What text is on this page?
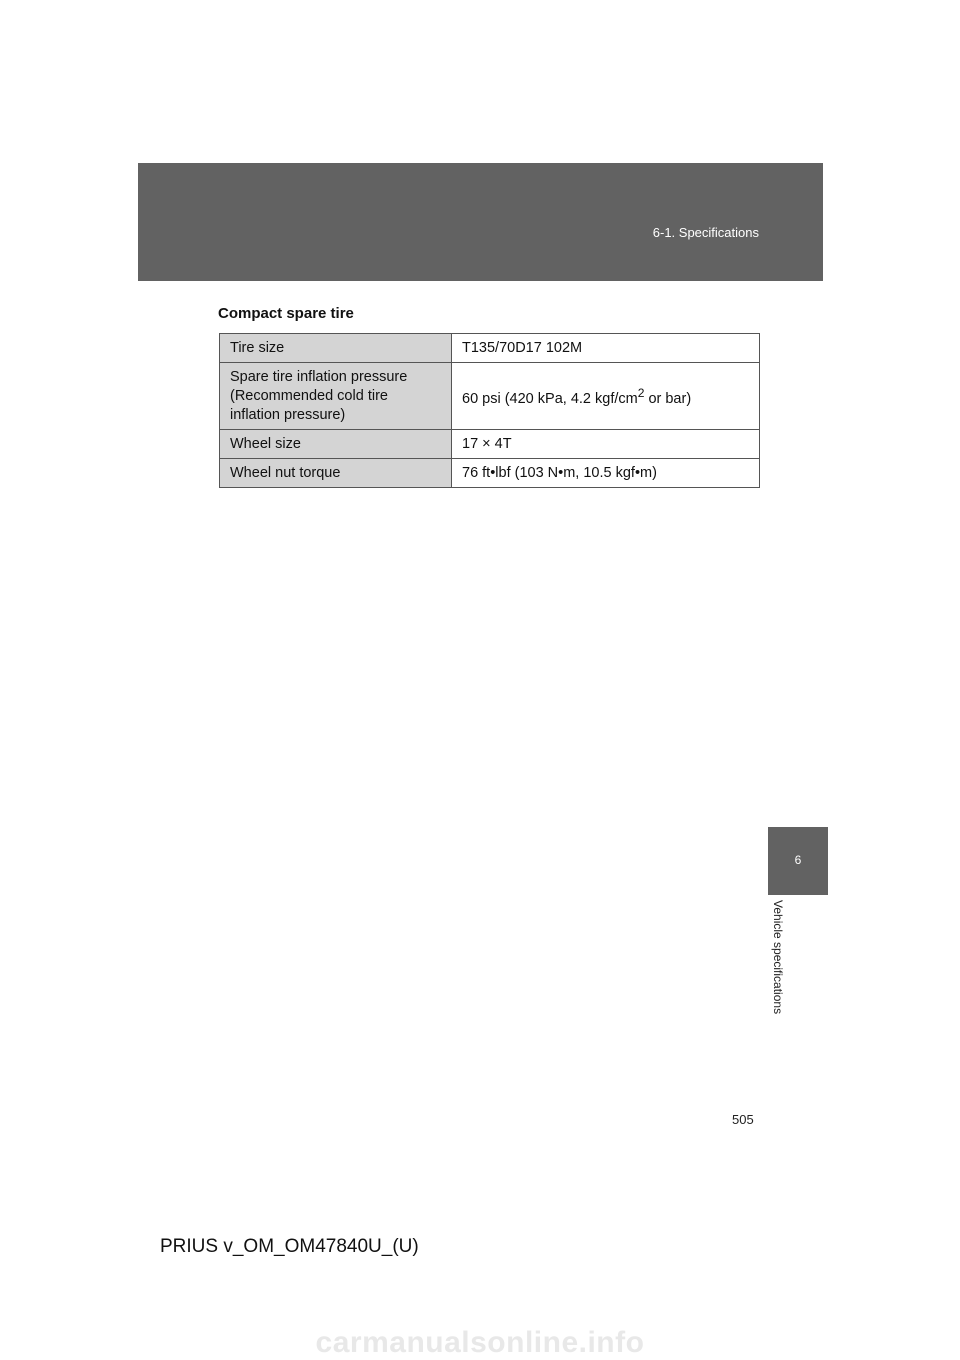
6-1. Specifications
Compact spare tire
Tire size	T135/70D17 102M
Spare tire inflation pressure (Recommended cold tire inflation pressure)	60 psi (420 kPa, 4.2 kgf/$cm^2$ or bar)
Wheel size	17 × 4T
Wheel nut torque	76 ft•lbf (103 N•m, 10.5 kgf•m)
6
Vehicle specifications
505
PRIUS v_OM_OM47840U_(U)
carmanualsonline.info
